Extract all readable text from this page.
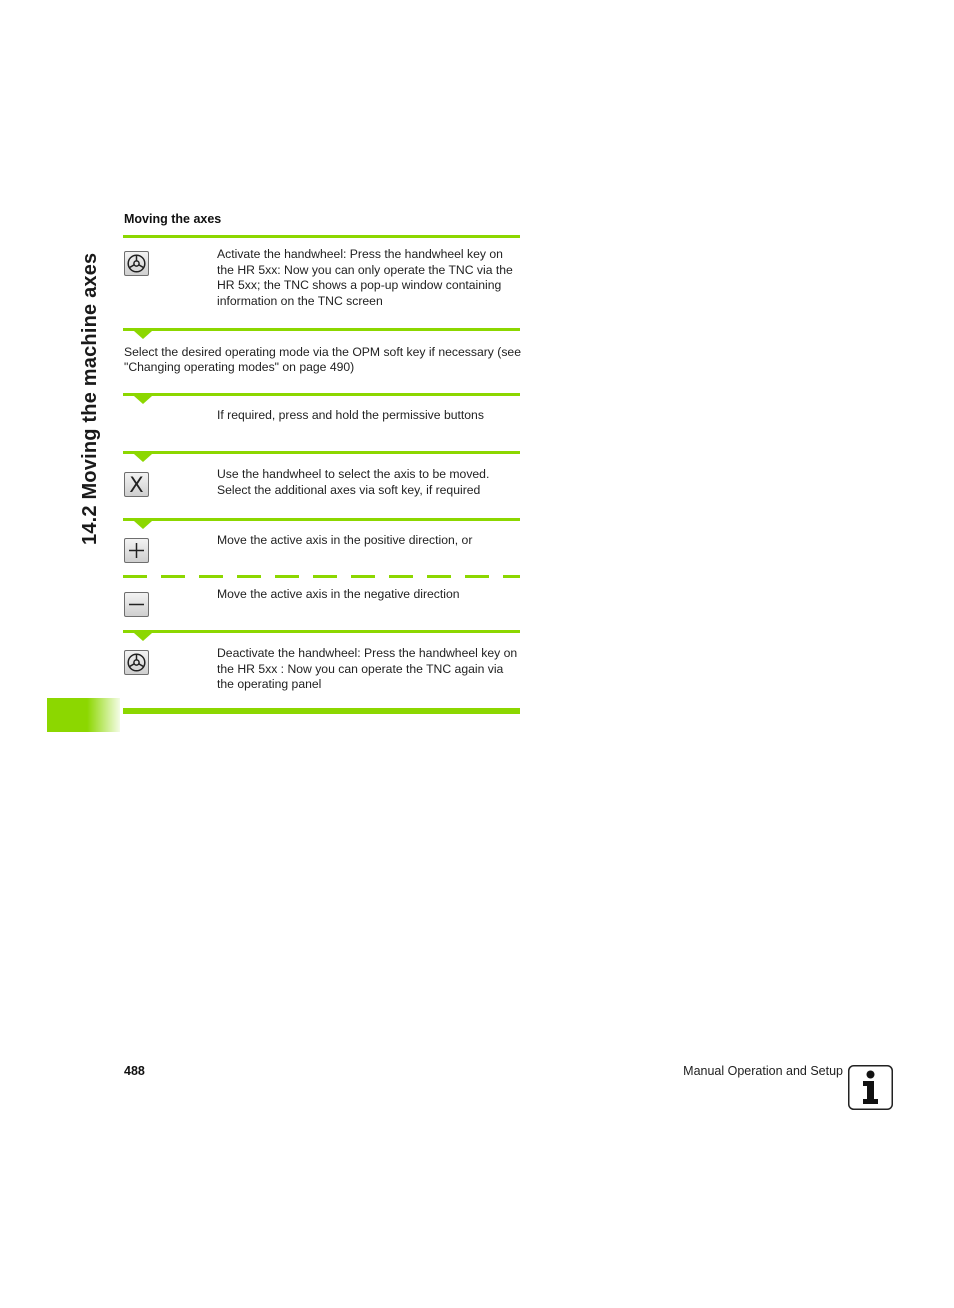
14.2 Moving the machine axes
Moving the axes
Activate the handwheel: Press the handwheel key on the HR 5xx: Now you can only operate the TNC via the HR 5xx; the TNC shows a pop-up window containing information on the TNC screen
Select the desired operating mode via the OPM soft key if necessary (see "Changing operating modes" on page 490)
If required, press and hold the permissive buttons
X	Use the handwheel to select the axis to be moved. Select the additional axes via soft key, if required
Move the active axis in the positive direction, or
Move the active axis in the negative direction
Deactivate the handwheel: Press the handwheel key on the HR 5xx : Now you can operate the TNC again via the operating panel
488	Manual Operation and Setup
